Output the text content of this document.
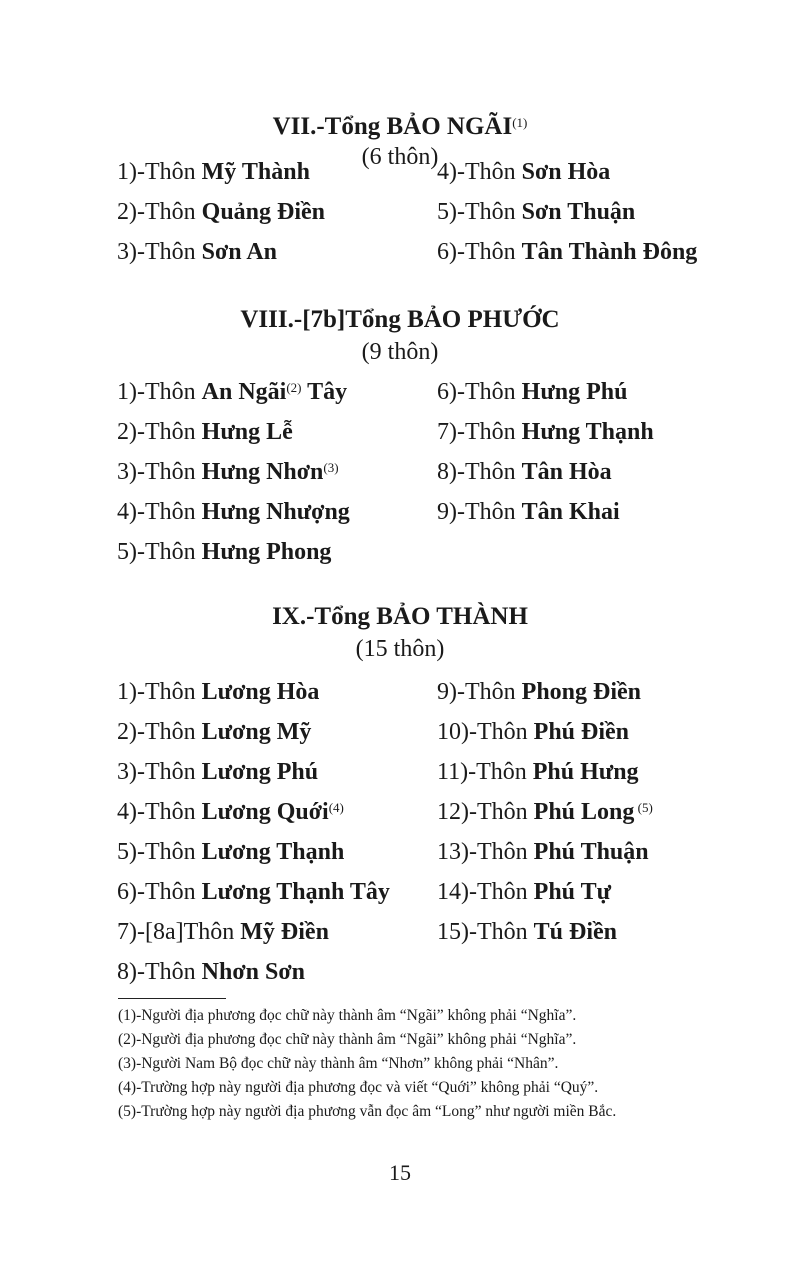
VII.-Tổng BẢO NGÃI$^{(1)}$
(6 thôn)
1)-Thôn Mỹ Thành
2)-Thôn Quảng Điền
3)-Thôn Sơn An
4)-Thôn Sơn Hòa
5)-Thôn Sơn Thuận
6)-Thôn Tân Thành Đông
VIII.-[7b]Tổng BẢO PHƯỚC
(9 thôn)
1)-Thôn An Ngãi$^{(2)}$ Tây
2)-Thôn Hưng Lễ
3)-Thôn Hưng Nhơn$^{(3)}$
4)-Thôn Hưng Nhượng
5)-Thôn Hưng Phong
6)-Thôn Hưng Phú
7)-Thôn Hưng Thạnh
8)-Thôn Tân Hòa
9)-Thôn Tân Khai
IX.-Tổng BẢO THÀNH
(15 thôn)
1)-Thôn Lương Hòa
2)-Thôn Lương Mỹ
3)-Thôn Lương Phú
4)-Thôn Lương Quới$^{(4)}$
5)-Thôn Lương Thạnh
6)-Thôn Lương Thạnh Tây
7)-[8a]Thôn Mỹ Điền
8)-Thôn Nhơn Sơn
9)-Thôn Phong Điền
10)-Thôn Phú Điền
11)-Thôn Phú Hưng
12)-Thôn Phú Long $^{(5)}$
13)-Thôn Phú Thuận
14)-Thôn Phú Tự
15)-Thôn Tú Điền
(1)-Người địa phương đọc chữ này thành âm “Ngãi” không phải “Nghĩa”.
(2)-Người địa phương đọc chữ này thành âm “Ngãi” không phải “Nghĩa”.
(3)-Người Nam Bộ đọc chữ này thành âm “Nhơn” không phải “Nhân”.
(4)-Trường hợp này người địa phương đọc và viết “Quới” không phải “Quý”.
(5)-Trường hợp này người địa phương vẫn đọc âm “Long” như người miền Bắc.
15
